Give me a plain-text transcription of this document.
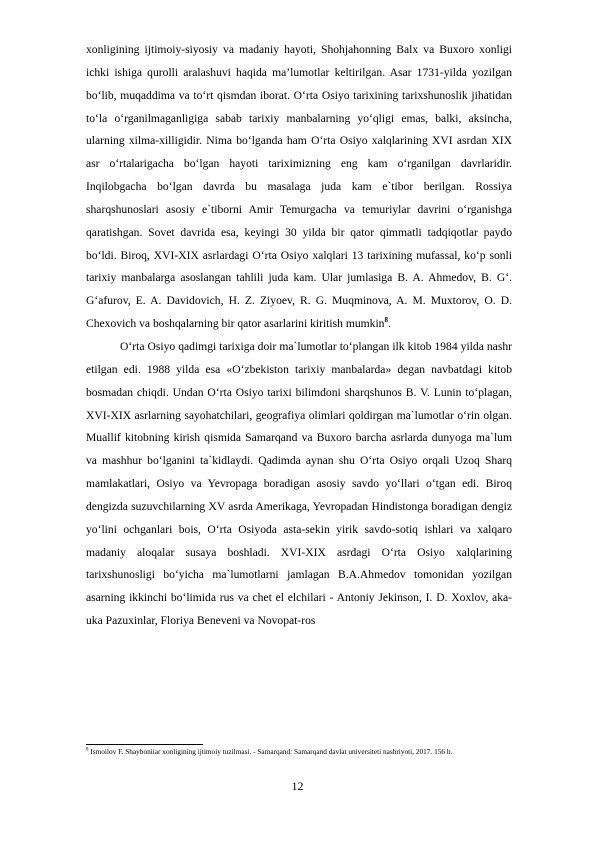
xonligining ijtimoiy-siyosiy va madaniy hayoti, Shohjahonning Balx va Buxoro xonligi ichki ishiga qurolli aralashuvi haqida ma’lumotlar keltirilgan. Asar 1731-yilda yozilgan bo‘lib, muqaddima va to‘rt qismdan iborat. O‘rta Osiyo tarixining tarixshunoslik jihatidan to‘la o‘rganilmaganligiga sabab tarixiy manbalarning yo‘qligi emas, balki, aksincha, ularning xilma-xilligidir. Nima bo‘lganda ham O‘rta Osiyo xalqlarining XVI asrdan XIX asr o‘rtalarigacha bo‘lgan hayoti tariximizning eng kam o‘rganilgan davrlaridir. Inqilobgacha bo‘lgan davrda bu masalaga juda kam e`tibor berilgan. Rossiya sharqshunoslari asosiy e`tiborni Amir Temurgacha va temuriylar davrini o‘rganishga qaratishgan. Sovet davrida esa, keyingi 30 yilda bir qator qimmatli tadqiqotlar paydo bo‘ldi. Biroq, XVI-XIX asrlardagi O‘rta Osiyo xalqlari 13 tarixining mufassal, ko‘p sonli tarixiy manbalarga asoslangan tahlili juda kam. Ular jumlasiga B. A. Ahmedov, B. G‘. G‘afurov, E. A. Davidovich, H. Z. Ziyoev, R. G. Muqminova, A. M. Muxtorov, O. D. Chexovich va boshqalarning bir qator asarlarini kiritish mumkin$^8$.

O‘rta Osiyo qadimgi tarixiga doir ma`lumotlar to‘plangan ilk kitob 1984 yilda nashr etilgan edi. 1988 yilda esa «O‘zbekiston tarixiy manbalarda» degan navbatdagi kitob bosmadan chiqdi. Undan O‘rta Osiyo tarixi bilimdoni sharqshunos B. V. Lunin to‘plagan, XVI-XIX asrlarning sayohatchilari, geografiya olimlari qoldirgan ma`lumotlar o‘rin olgan. Muallif kitobning kirish qismida Samarqand va Buxoro barcha asrlarda dunyoga ma`lum va mashhur bo‘lganini ta`kidlaydi. Qadimda aynan shu O‘rta Osiyo orqali Uzoq Sharq mamlakatlari, Osiyo va Yevropaga boradigan asosiy savdo yo‘llari o‘tgan edi. Biroq dengizda suzuvchilarning XV asrda Amerikaga, Yevropadan Hindistonga boradigan dengiz yo‘lini ochganlari bois, O‘rta Osiyoda asta-sekin yirik savdo-sotiq ishlari va xalqaro madaniy aloqalar susaya boshladi. XVI-XIX asrdagi O‘rta Osiyo xalqlarining tarixshunosligi bo‘yicha ma`lumotlarni jamlagan B.A.Ahmedov tomonidan yozilgan asarning ikkinchi bo‘limida rus va chet el elchilari - Antoniy Jekinson, I. D. Xoxlov, aka-uka Pazuxinlar, Floriya Beneveni va Novopat-ros

$^8$ Ismoilov F. Shayboniiar xonligining ijtimoiy tuzilmasi. - Samarqand: Samarqand davlat universiteti nashriyoti, 2017. 156 b.

12
